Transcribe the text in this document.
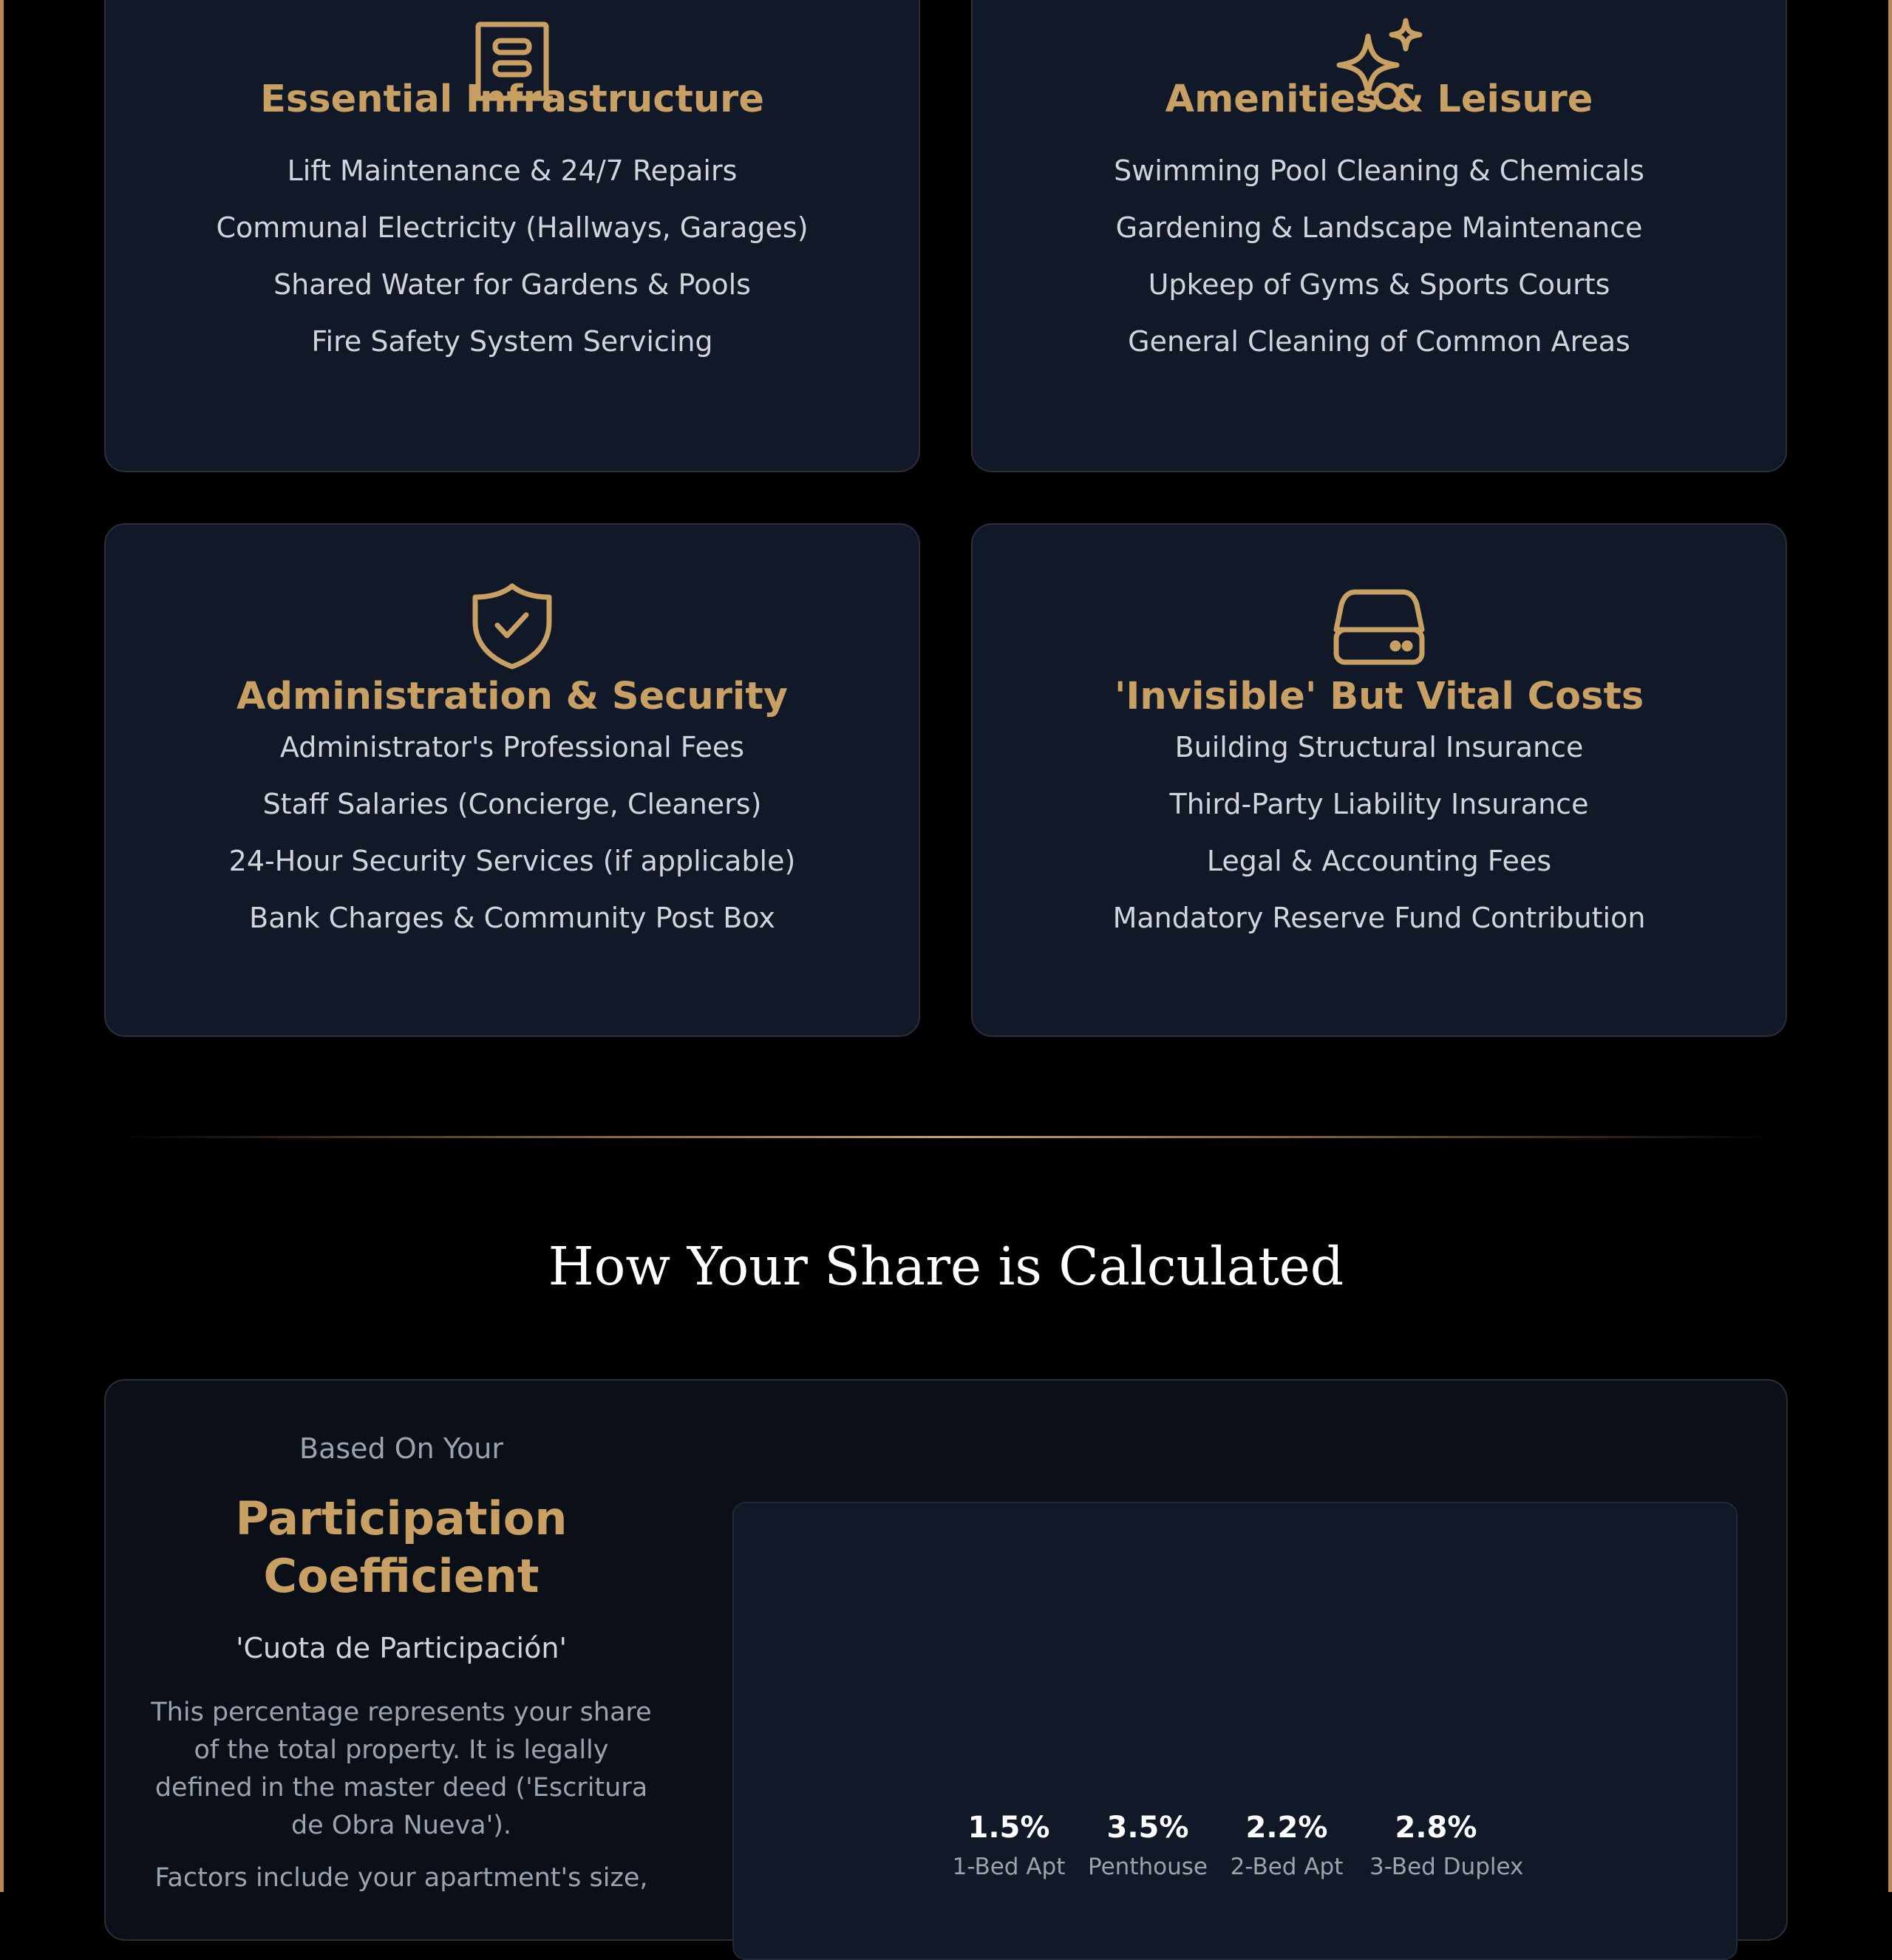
Essential Infrastructure
Lift Maintenance & 24/7 Repairs
Communal Electricity (Hallways, Garages)
Shared Water for Gardens & Pools
Fire Safety System Servicing
Amenities & Leisure
Swimming Pool Cleaning & Chemicals
Gardening & Landscape Maintenance
Upkeep of Gyms & Sports Courts
General Cleaning of Common Areas
Administration & Security
Administrator's Professional Fees
Staff Salaries (Concierge, Cleaners)
24-Hour Security Services (if applicable)
Bank Charges & Community Post Box
'Invisible' But Vital Costs
Building Structural Insurance
Third-Party Liability Insurance
Legal & Accounting Fees
Mandatory Reserve Fund Contribution
How Your Share is Calculated
Based On Your
Participation Coefficient
'Cuota de Participación'

This percentage represents your share of the total property. It is legally defined in the master deed ('Escritura de Obra Nueva').

Factors include your apartment's size,

1.5%
1-Bed Apt
3.5%
Penthouse
2.2%
2-Bed Apt
2.8%
3-Bed Duplex
